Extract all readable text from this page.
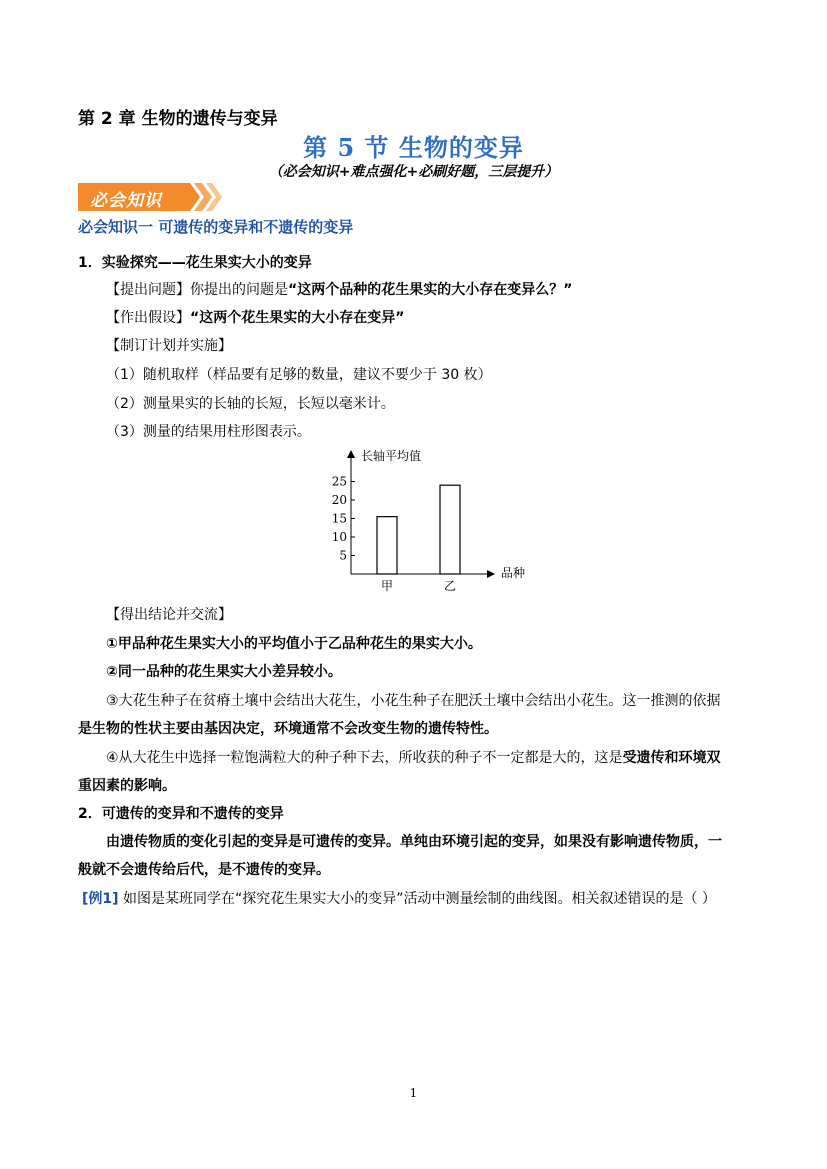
第 2 章 生物的遗传与变异
第 5 节 生物的变异
（必会知识+难点强化+必刷好题，三层提升）
必会知识
必会知识一 可遗传的变异和不遗传的变异
1．实验探究——花生果实大小的变异
【提出问题】你提出的问题是“这两个品种的花生果实的大小存在变异么？”
【作出假设】“这两个花生果实的大小存在变异”
【制订计划并实施】
（1）随机取样（样品要有足够的数量，建议不要少于 30 枚）
（2）测量果实的长轴的长短，长短以毫米计。
（3）测量的结果用柱形图表示。
长轴平均值
品种
5
10
15
20
25
甲	乙
【得出结论并交流】
①甲品种花生果实大小的平均值小于乙品种花生的果实大小。
②同一品种的花生果实大小差异较小。
③大花生种子在贫瘠土壤中会结出大花生，小花生种子在肥沃土壤中会结出小花生。这一推测的依据
是生物的性状主要由基因决定，环境通常不会改变生物的遗传特性。
④从大花生中选择一粒饱满粒大的种子种下去，所收获的种子不一定都是大的，这是受遗传和环境双
重因素的影响。
2．可遗传的变异和不遗传的变异
由遗传物质的变化引起的变异是可遗传的变异。单纯由环境引起的变异，如果没有影响遗传物质，一
般就不会遗传给后代，是不遗传的变异。
[例1] 如图是某班同学在“探究花生果实大小的变异”活动中测量绘制的曲线图。相关叙述错误的是（ ）
1
